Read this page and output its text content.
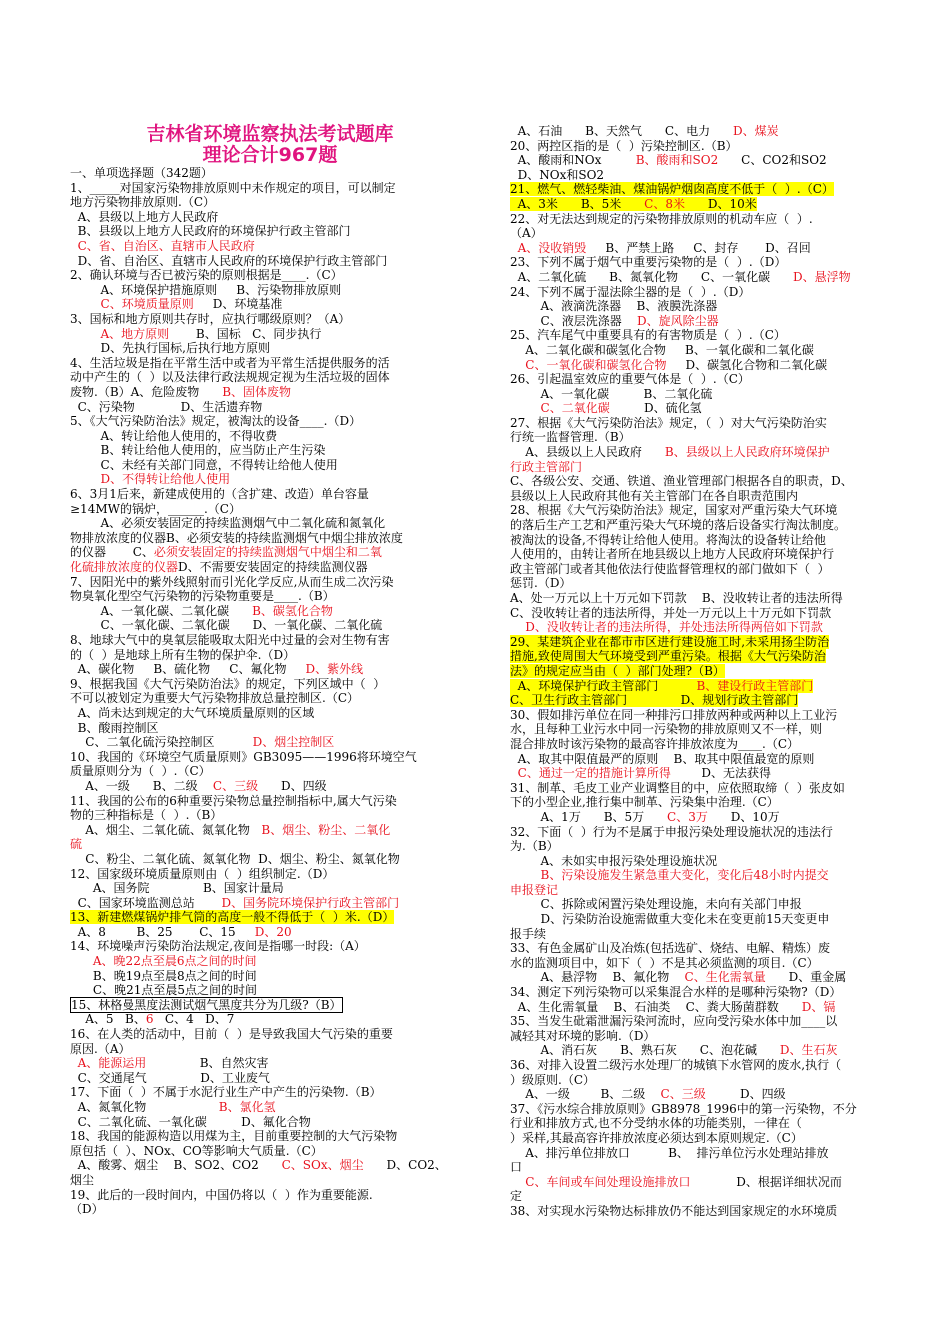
吉林省环境监察执法考试题库
理论合计967题
一、单项选择题（342题）
1、_____对国家污染物排放原则中未作规定的项目，可以制定
地方污染物排放原则.（C）
A、县级以上地方人民政府
B、县级以上地方人民政府的环境保护行政主管部门
C、省、自治区、直辖市人民政府
D、省、自治区、直辖市人民政府的环境保护行政主管部门
2、确认环境与否已被污染的原则根据是____.（C）
A、环境保护措施原则     B、污染物排放原则
C、环境质量原则     D、环境基准
3、国标和地方原则共存时，应执行哪级原则？（A）
A、地方原则       B、国标   C、同步执行
D、先执行国标,后执行地方原则
4、生活垃圾是指在平常生活中或者为平常生活提供服务的活
动中产生的（  ）以及法律行政法规规定视为生活垃圾的固体
废物.（B）A、危险废物      B、固体废物
C、污染物            D、生活遗弃物
5、《大气污染防治法》规定，被淘汰的设备____.（D）
A、转让给他人使用的，不得收费
B、转让给他人使用的，应当防止产生污染
C、未经有关部门同意，不得转让给他人使用
D、不得转让给他人使用
6、3月1后来，新建成使用的（含扩建、改造）单台容量
≥14MW的锅炉，______.（C）
A、必须安装固定的持续监测烟气中二氧化硫和氮氧化
物排放浓度的仪器B、必须安装的持续监测烟气中烟尘排放浓度
的仪器       C、必须安装固定的持续监测烟气中烟尘和二氧
化硫排放浓度的仪器D、不需要安装固定的持续监测仪器
7、因阳光中的紫外线照射而引光化学反应,从而生成二次污染
物臭氧化型空气污染物的污染物重要是____.（B）
A、一氧化碳、二氧化碳      B、碳氢化合物
C、一氧化碳、二氧化碳      D、一氧化碳、二氧化硫
8、地球大气中的臭氧层能吸取太阳光中过量的会对生物有害
的（  ）是地球上所有生物的保护伞.（D）
A、碳化物     B、硫化物     C、氟化物     D、紫外线
9、根据我国《大气污染防治法》的规定，下列区域中（  ）
不可以被划定为重要大气污染物排放总量控制区.（C）
A、尚未达到规定的大气环境质量原则的区域
B、酸雨控制区
C、二氧化硫污染控制区          D、烟尘控制区
10、我国的《环境空气质量原则》GB3095——1996将环境空气
质量原则分为（  ）.（C）
A、一级      B、二级    C、三级      D、四级
11、我国的公布的6种重要污染物总量控制指标中,属大气污染
物的三种指标是（  ）.（B）
A、烟尘、二氧化硫、氮氧化物   B、烟尘、粉尘、二氧化
硫
C、粉尘、二氧化硫、氮氧化物  D、烟尘、粉尘、氮氧化物
12、国家级环境质量原则由（  ）组织制定.（D）
A、国务院              B、国家计量局
C、国家环境监测总站       D、国务院环境保护行政主管部门
13、新建燃煤锅炉排气筒的高度一般不得低于（  ）米.（D）
A、8        B、25       C、15     D、20
14、环境噪声污染防治法规定,夜间是指哪一时段:（A）
A、晚22点至晨6点之间的时间
B、晚19点至晨8点之间的时间
C、晚21点至晨5点之间的时间
15、林格曼黑度法测试烟气黑度共分为几级?（B）
A、5   B、6   C、4   D、7
16、在人类的活动中，目前（  ）是导致我国大气污染的重要
原因.（A）
A、能源运用              B、自然灾害
C、交通尾气              D、工业废气
17、下面（  ）不属于水泥行业生产中产生的污染物.（B）
A、氮氧化物                   B、氯化氢
C、二氧化硫、一氧化碳         D、氟化合物
18、我国的能源构造以用煤为主，目前重要控制的大气污染物
原包括（  ）、NOx、CO等影响大气质量.（C）
A、酸雾、烟尘    B、SO2、CO2      C、SOx、烟尘      D、CO2、
烟尘
19、此后的一段时间内，中国仍将以（  ）作为重要能源.
（D）
A、石油      B、天然气      C、电力      D、煤炭
20、两控区指的是（  ）污染控制区.（B）
A、酸雨和NOx         B、酸雨和SO2      C、CO2和SO2
D、NOx和SO2
21、燃气、燃轻柴油、煤油锅炉烟囱高度不低于（  ）.（C）
A、3米      B、5米      C、8米      D、10米
22、对无法达到规定的污染物排放原则的机动车应（  ）.
（A）
A、没收销毁     B、严禁上路     C、封存       D、召回
23、下列不属于烟气中重要污染物的是（  ）.（D）
A、二氧化硫      B、氮氧化物      C、一氧化碳      D、悬浮物
24、下列不属于湿法除尘器的是（  ）.（D）
A、液滴洗涤器    B、液膜洗涤器
C、液层洗涤器    D、旋风除尘器
25、汽车尾气中重要具有的有害物质是（  ）.（C）
A、二氧化碳和碳氢化合物     B、一氧化碳和二氧化碳
C、一氧化碳和碳氢化合物     D、碳氢化合物和二氧化碳
26、引起温室效应的重要气体是（  ）.（C）
A、一氧化碳         B、二氧化硫
C、二氧化碳         D、硫化氢
27、根据《大气污染防治法》规定，（  ）对大气污染防治实
行统一监督管理.（B）
A、县级以上人民政府      B、县级以上人民政府环境保护
行政主管部门
C、各级公安、交通、铁道、渔业管理部门根据各自的职责，D、
县级以上人民政府其他有关主管部门在各自职责范围内
28、根据《大气污染防治法》规定，国家对严重污染大气环境
的落后生产工艺和严重污染大气环境的落后设备实行淘汰制度。
被淘汰的设备,不得转让给他人使用。将淘汰的设备转让给他
人使用的，由转让者所在地县级以上地方人民政府环境保护行
政主管部门或者其他依法行使监督管理权的部门做如下（  ）
惩罚.（D）
A、处一万元以上十万元如下罚款    B、没收转让者的违法所得
C、没收转让者的违法所得，并处一万元以上十万元如下罚款
D、没收转让者的违法所得，并处违法所得两倍如下罚款
29、某建筑企业在都市市区进行建设施工时,未采用扬尘防治
措施,致使周围大气环境受到严重污染。根据《大气污染防治
法》的规定应当由（  ）部门处理?（B）
A、环境保护行政主管部门          B、建设行政主管部门
C、卫生行政主管部门              D、规划行政主管部门
30、假如排污单位在同一种排污口排放两种或两种以上工业污
水，且每种工业污水中同一污染物的排放原则又不一样，则
混合排放时该污染物的最高容许排放浓度为____.（C）
A、取其中限值最严的原则    B、取其中限值最宽的原则
C、通过一定的措施计算所得        D、无法获得
31、制革、毛皮工业产业调整目的中，应依照取缔（  ）张皮如
下的小型企业,推行集中制革、污染集中治理.（C）
A、1万      B、5万      C、3万      D、10万
32、下面（  ）行为不是属于申报污染处理设施状况的违法行
为.（B）
A、未如实申报污染处理设施状况
B、污染设施发生紧急重大变化，变化后48小时内提交
申报登记
C、拆除或闲置污染处理设施，未向有关部门申报
D、污染防治设施需做重大变化未在变更前15天变更申
报手续
33、有色金属矿山及冶炼(包括选矿、烧结、电解、精炼）废
水的监测项目中，如下（  ）不是其必须监测的项目.（C）
A、悬浮物    B、氟化物    C、生化需氧量      D、重金属
34、测定下列污染物可以采集混合水样的是哪种污染物?（D）
A、生化需氧量    B、石油类    C、粪大肠菌群数      D、镉
35、当发生砒霜泄漏污染河流时，应向受污染水体中加____以
减轻其对环境的影响.（D）
A、消石灰      B、熟石灰      C、泡花碱      D、生石灰
36、对排入设置二级污水处理厂的城镇下水管网的废水,执行（
）级原则.（C）
A、一级        B、二级    C、三级         D、四级
37、《污水综合排放原则》GB8978_1996中的第一污染物，不分
行业和排放方式,也不分受纳水体的功能类别，一律在（
）采样,其最高容许排放浓度必须达到本原则规定.（C）
A、排污单位排放口          B、  排污单位污水处理站排放
口
C、车间或车间处理设施排放口            D、根据详细状况而
定
38、对实现水污染物达标排放仍不能达到国家规定的水环境质
